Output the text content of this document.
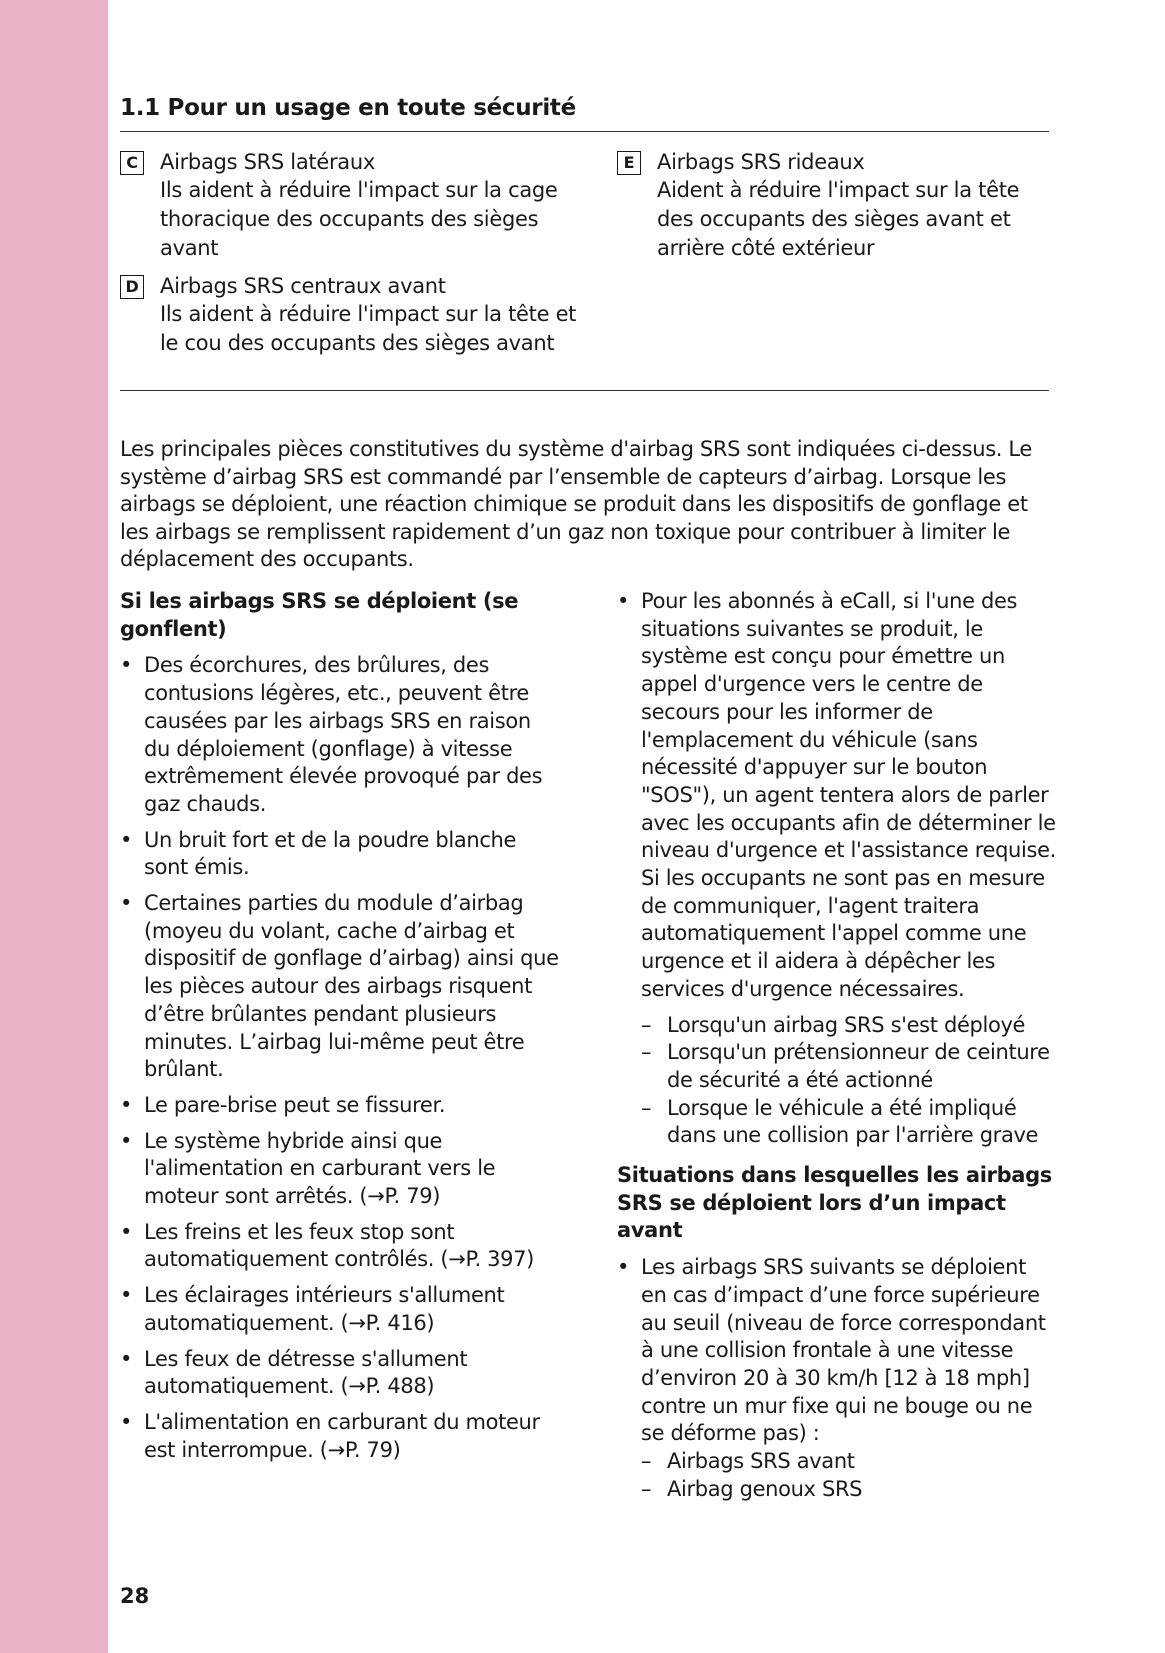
1.1 Pour un usage en toute sécurité
C Airbags SRS latéraux
Ils aident à réduire l'impact sur la cage thoracique des occupants des sièges avant
D Airbags SRS centraux avant
Ils aident à réduire l'impact sur la tête et le cou des occupants des sièges avant
E	Airbags SRS rideaux
Aident à réduire l'impact sur la tête des occupants des sièges avant et arrière côté extérieur

Les principales pièces constitutives du système d'airbag SRS sont indiquées ci-dessus. Le système d’airbag SRS est commandé par l’ensemble de capteurs d’airbag. Lorsque les airbags se déploient, une réaction chimique se produit dans les dispositifs de gonflage et les airbags se remplissent rapidement d’un gaz non toxique pour contribuer à limiter le déplacement des occupants.

Si les airbags SRS se déploient (se gonflent)
• Des écorchures, des brûlures, des contusions légères, etc., peuvent être causées par les airbags SRS en raison du déploiement (gonflage) à vitesse extrêmement élevée provoqué par des gaz chauds.
• Un bruit fort et de la poudre blanche sont émis.
• Certaines parties du module d’airbag (moyeu du volant, cache d’airbag et dispositif de gonflage d’airbag) ainsi que les pièces autour des airbags risquent d’être brûlantes pendant plusieurs minutes. L’airbag lui-même peut être brûlant.
• Le pare-brise peut se fissurer.
• Le système hybride ainsi que l'alimentation en carburant vers le moteur sont arrêtés. (→P. 79)
• Les freins et les feux stop sont automatiquement contrôlés. (→P. 397)
• Les éclairages intérieurs s'allument automatiquement. (→P. 416)
• Les feux de détresse s'allument automatiquement. (→P. 488)
• L'alimentation en carburant du moteur est interrompue. (→P. 79)
• Pour les abonnés à eCall, si l'une des situations suivantes se produit, le système est conçu pour émettre un appel d'urgence vers le centre de secours pour les informer de l'emplacement du véhicule (sans nécessité d'appuyer sur le bouton "SOS"), un agent tentera alors de parler avec les occupants afin de déterminer le niveau d'urgence et l'assistance requise. Si les occupants ne sont pas en mesure de communiquer, l'agent traitera automatiquement l'appel comme une urgence et il aidera à dépêcher les services d'urgence nécessaires.
– Lorsqu'un airbag SRS s'est déployé
– Lorsqu'un prétensionneur de ceinture de sécurité a été actionné
– Lorsque le véhicule a été impliqué dans une collision par l'arrière grave
Situations dans lesquelles les airbags SRS se déploient lors d’un impact avant
• Les airbags SRS suivants se déploient en cas d’impact d’une force supérieure au seuil (niveau de force correspondant à une collision frontale à une vitesse d’environ 20 à 30 km/h [12 à 18 mph] contre un mur fixe qui ne bouge ou ne se déforme pas) :
– Airbags SRS avant
– Airbag genoux SRS
28
